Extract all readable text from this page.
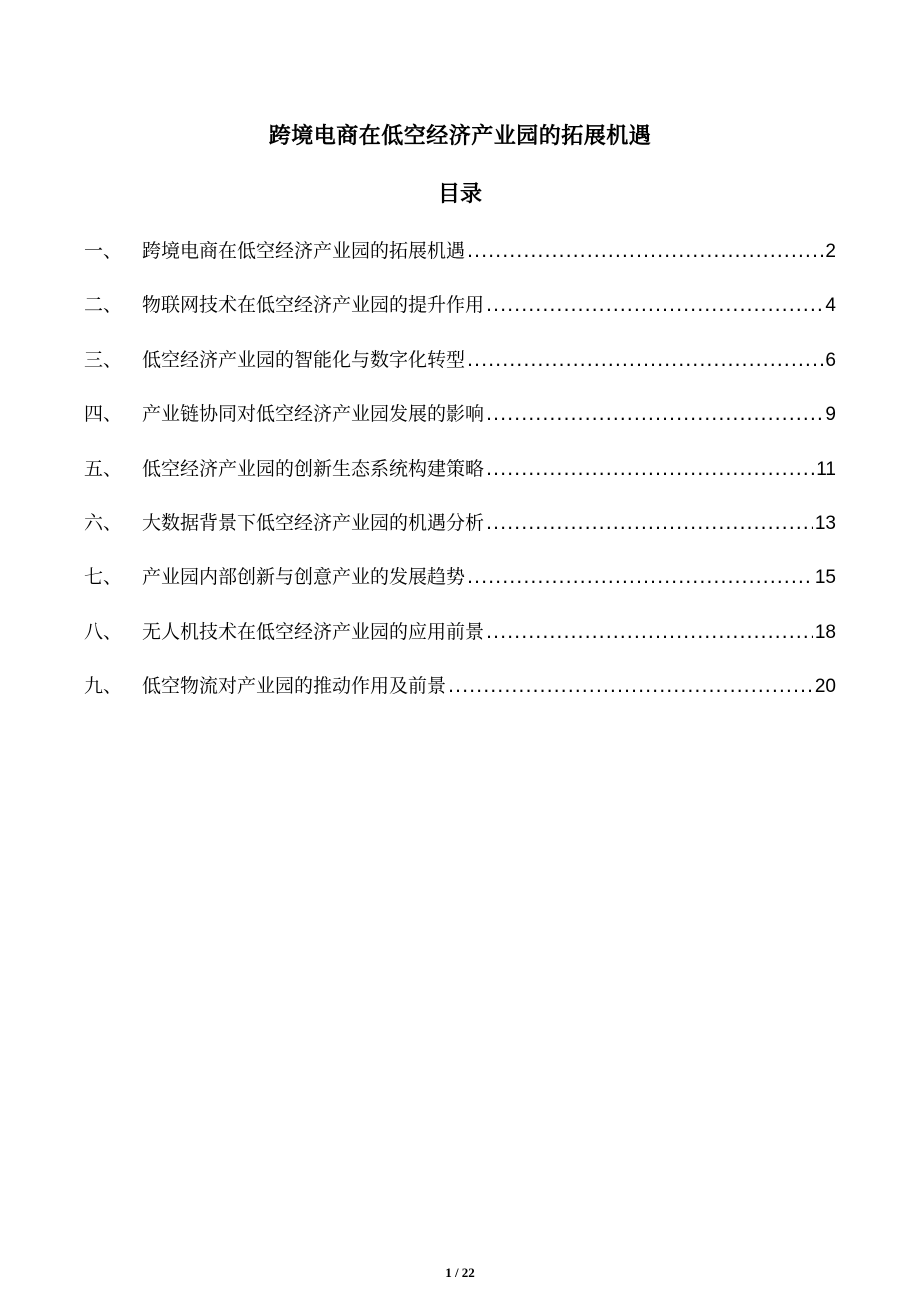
跨境电商在低空经济产业园的拓展机遇
目录
一、	跨境电商在低空经济产业园的拓展机遇 .....	2
二、	物联网技术在低空经济产业园的提升作用 .....	4
三、	低空经济产业园的智能化与数字化转型 .....	6
四、	产业链协同对低空经济产业园发展的影响 .....	9
五、	低空经济产业园的创新生态系统构建策略 .....	11
六、	大数据背景下低空经济产业园的机遇分析 .....	13
七、	产业园内部创新与创意产业的发展趋势 .....	15
八、	无人机技术在低空经济产业园的应用前景 .....	18
九、	低空物流对产业园的推动作用及前景 .....	20
1 / 22
